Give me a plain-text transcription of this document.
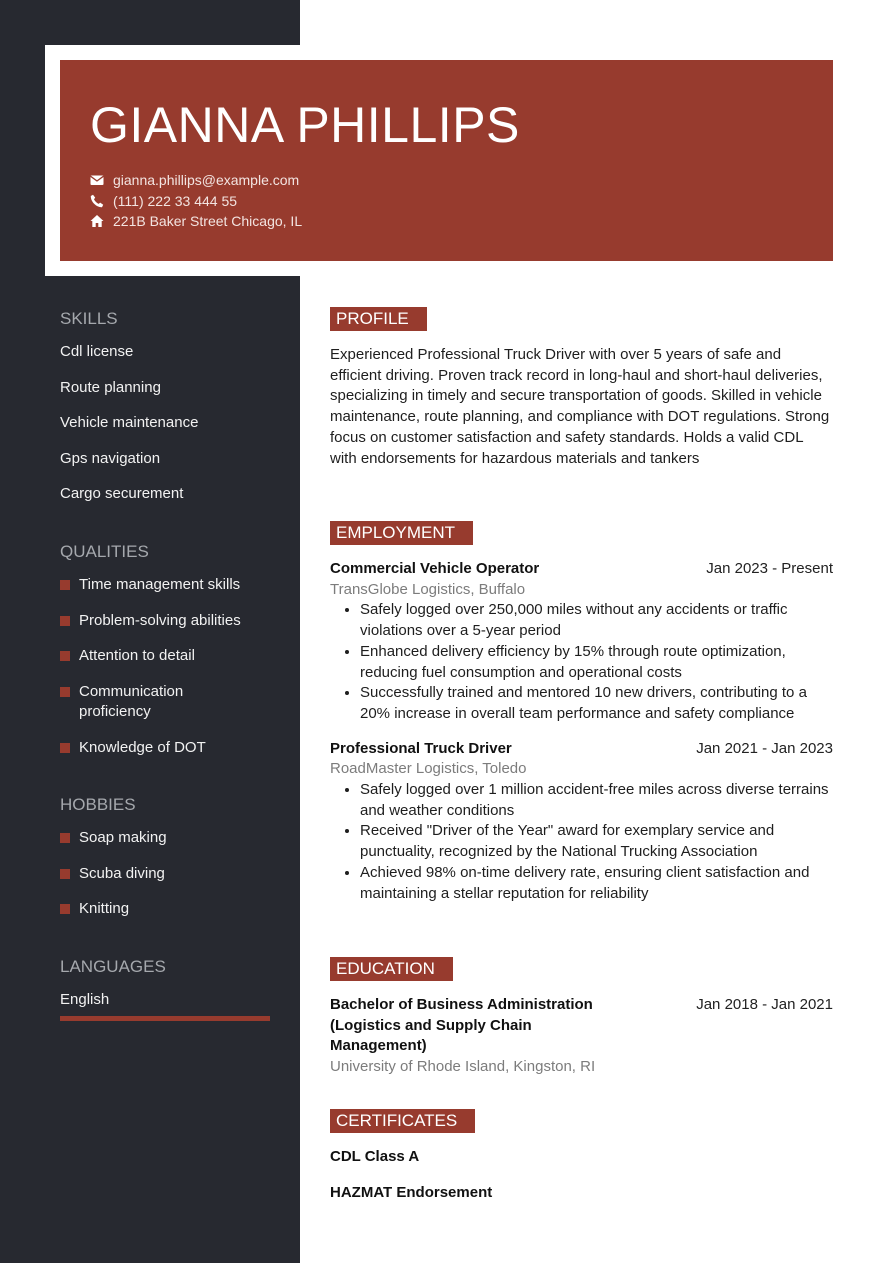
GIANNA PHILLIPS
gianna.phillips@example.com
(111) 222 33 444 55
221B Baker Street Chicago, IL
SKILLS
Cdl license
Route planning
Vehicle maintenance
Gps navigation
Cargo securement
QUALITIES
Time management skills
Problem-solving abilities
Attention to detail
Communication proficiency
Knowledge of DOT
HOBBIES
Soap making
Scuba diving
Knitting
LANGUAGES
English
PROFILE
Experienced Professional Truck Driver with over 5 years of safe and efficient driving. Proven track record in long-haul and short-haul deliveries, specializing in timely and secure transportation of goods. Skilled in vehicle maintenance, route planning, and compliance with DOT regulations. Strong focus on customer satisfaction and safety standards. Holds a valid CDL with endorsements for hazardous materials and tankers
EMPLOYMENT
Commercial Vehicle Operator	Jan 2023 - Present
TransGlobe Logistics, Buffalo
• Safely logged over 250,000 miles without any accidents or traffic violations over a 5-year period
• Enhanced delivery efficiency by 15% through route optimization, reducing fuel consumption and operational costs
• Successfully trained and mentored 10 new drivers, contributing to a 20% increase in overall team performance and safety compliance
Professional Truck Driver	Jan 2021 - Jan 2023
RoadMaster Logistics, Toledo
• Safely logged over 1 million accident-free miles across diverse terrains and weather conditions
• Received "Driver of the Year" award for exemplary service and punctuality, recognized by the National Trucking Association
• Achieved 98% on-time delivery rate, ensuring client satisfaction and maintaining a stellar reputation for reliability
EDUCATION
Bachelor of Business Administration (Logistics and Supply Chain Management)
Jan 2018 - Jan 2021
University of Rhode Island, Kingston, RI
CERTIFICATES
CDL Class A
HAZMAT Endorsement
